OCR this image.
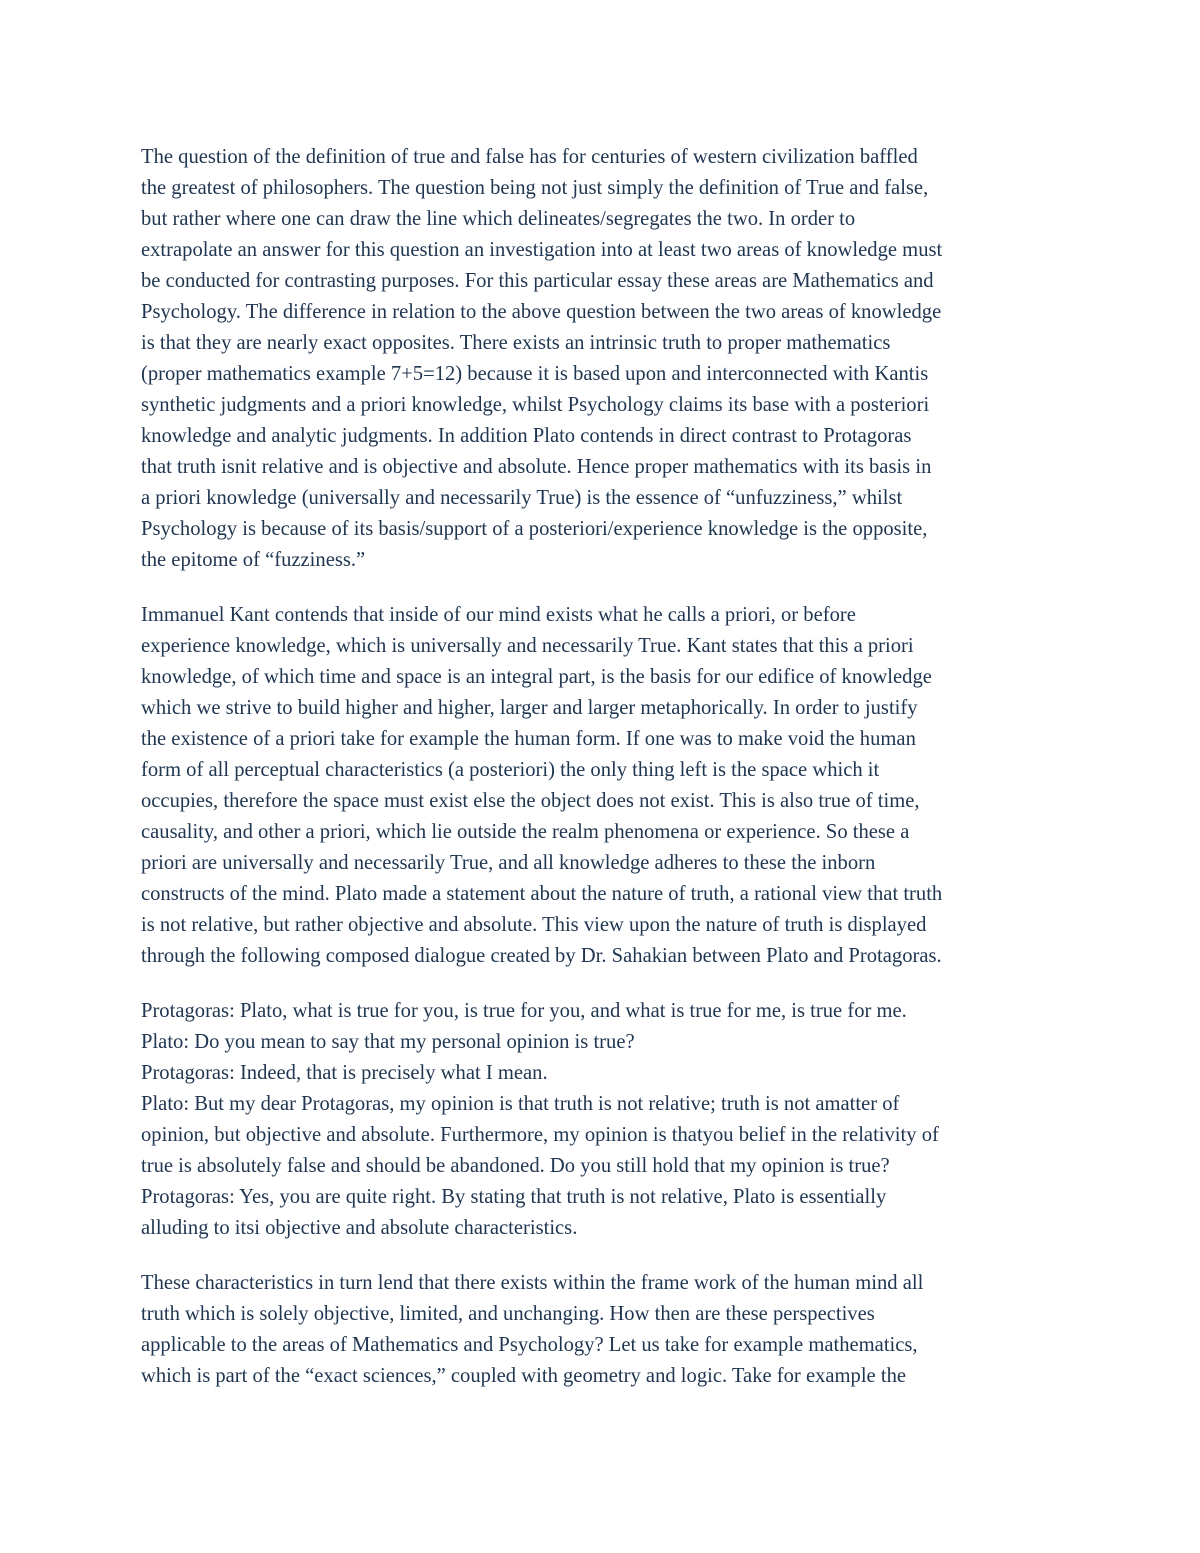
The question of the definition of true and false has for centuries of western civilization baffled
the greatest of philosophers. The question being not just simply the definition of True and false,
but rather where one can draw the line which delineates/segregates the two. In order to
extrapolate an answer for this question an investigation into at least two areas of knowledge must
be conducted for contrasting purposes. For this particular essay these areas are Mathematics and
Psychology. The difference in relation to the above question between the two areas of knowledge
is that they are nearly exact opposites. There exists an intrinsic truth to proper mathematics
(proper mathematics example 7+5=12) because it is based upon and interconnected with Kantis
synthetic judgments and a priori knowledge, whilst Psychology claims its base with a posteriori
knowledge and analytic judgments. In addition Plato contends in direct contrast to Protagoras
that truth isnit relative and is objective and absolute. Hence proper mathematics with its basis in
a priori knowledge (universally and necessarily True) is the essence of “unfuzziness,” whilst
Psychology is because of its basis/support of a posteriori/experience knowledge is the opposite,
the epitome of “fuzziness.”

Immanuel Kant contends that inside of our mind exists what he calls a priori, or before
experience knowledge, which is universally and necessarily True. Kant states that this a priori
knowledge, of which time and space is an integral part, is the basis for our edifice of knowledge
which we strive to build higher and higher, larger and larger metaphorically. In order to justify
the existence of a priori take for example the human form. If one was to make void the human
form of all perceptual characteristics (a posteriori) the only thing left is the space which it
occupies, therefore the space must exist else the object does not exist. This is also true of time,
causality, and other a priori, which lie outside the realm phenomena or experience. So these a
priori are universally and necessarily True, and all knowledge adheres to these the inborn
constructs of the mind. Plato made a statement about the nature of truth, a rational view that truth
is not relative, but rather objective and absolute. This view upon the nature of truth is displayed
through the following composed dialogue created by Dr. Sahakian between Plato and Protagoras.

Protagoras: Plato, what is true for you, is true for you, and what is true for me, is true for me.
Plato: Do you mean to say that my personal opinion is true?
Protagoras: Indeed, that is precisely what I mean.
Plato: But my dear Protagoras, my opinion is that truth is not relative; truth is not amatter of
opinion, but objective and absolute. Furthermore, my opinion is thatyou belief in the relativity of
true is absolutely false and should be abandoned. Do you still hold that my opinion is true?
Protagoras: Yes, you are quite right. By stating that truth is not relative, Plato is essentially
alluding to itsi objective and absolute characteristics.

These characteristics in turn lend that there exists within the frame work of the human mind all
truth which is solely objective, limited, and unchanging. How then are these perspectives
applicable to the areas of Mathematics and Psychology? Let us take for example mathematics,
which is part of the “exact sciences,” coupled with geometry and logic. Take for example the
